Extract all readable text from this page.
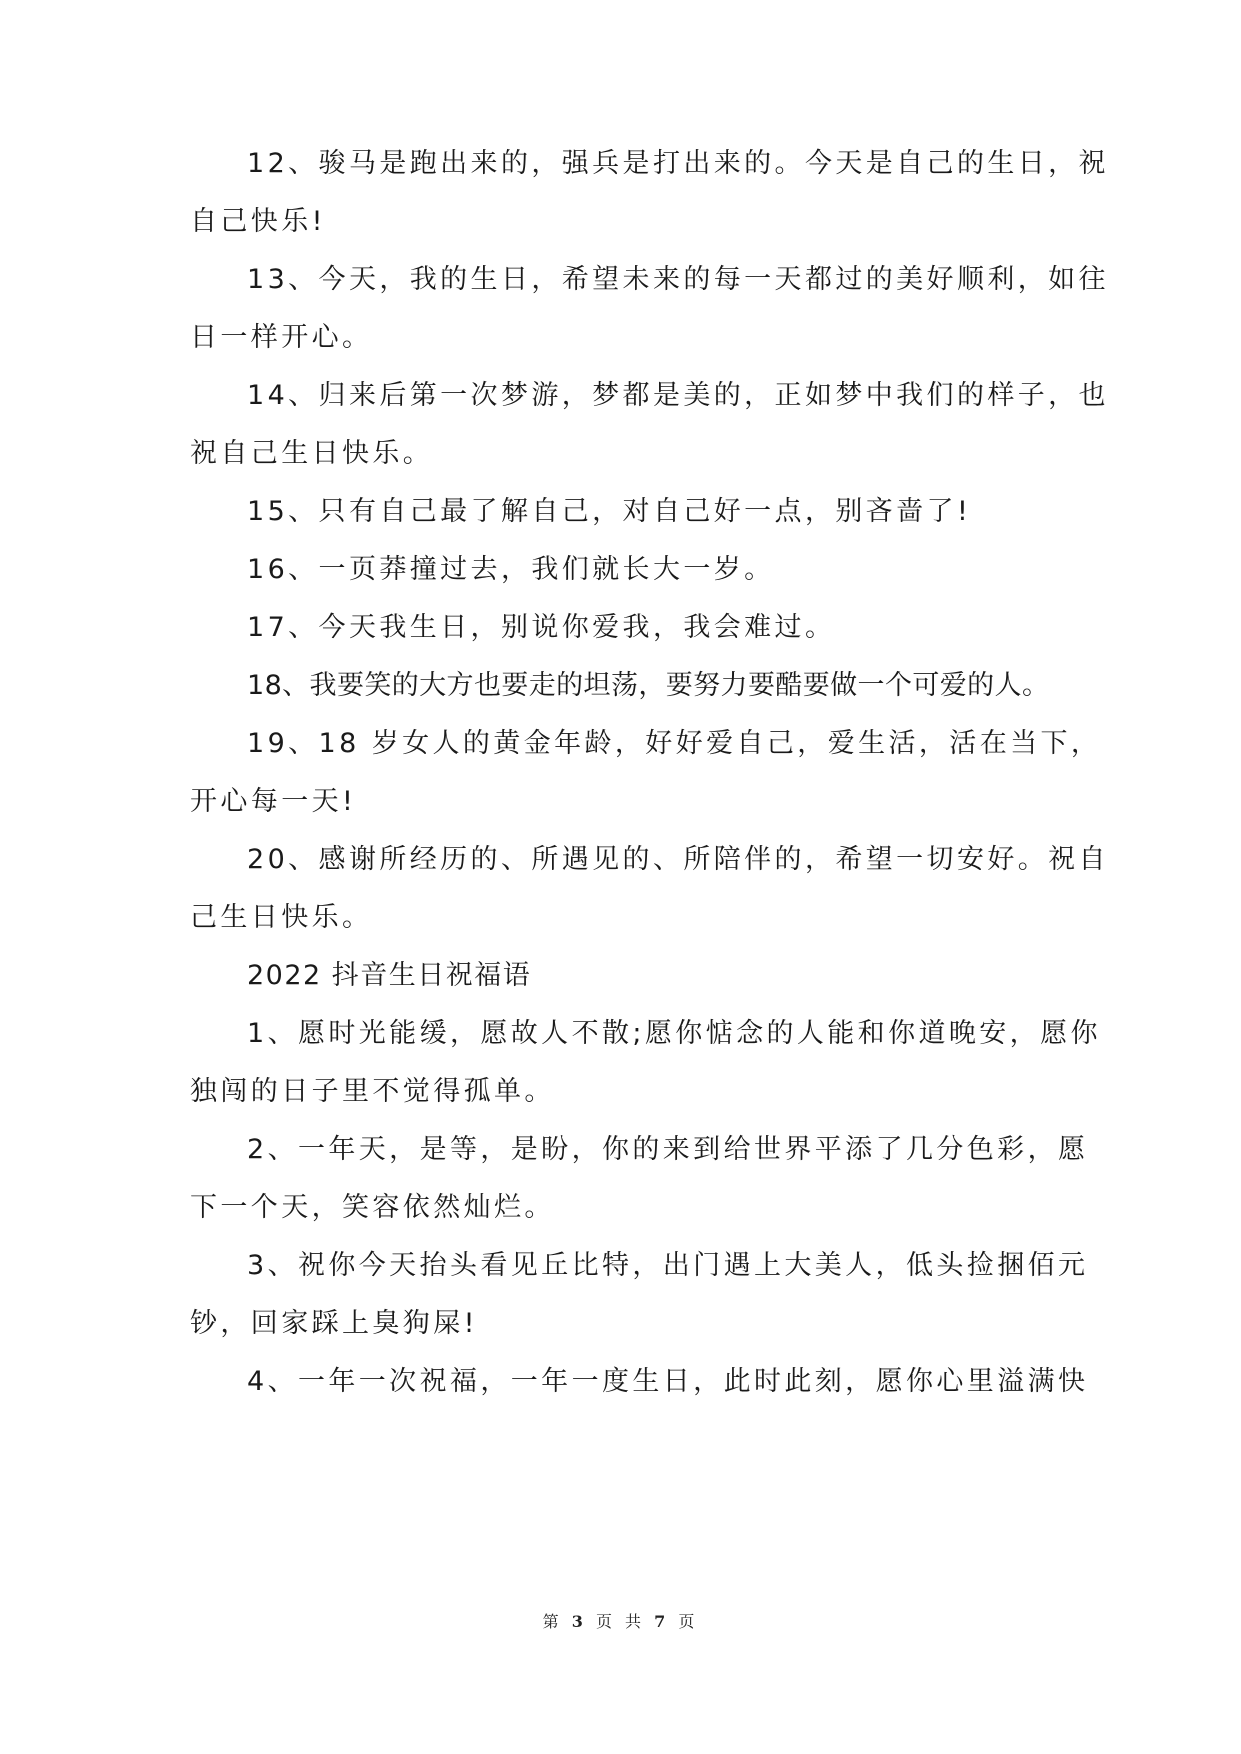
12、骏马是跑出来的，强兵是打出来的。今天是自己的生日，祝
自己快乐!
13、今天，我的生日，希望未来的每一天都过的美好顺利，如往
日一样开心。
14、归来后第一次梦游，梦都是美的，正如梦中我们的样子，也
祝自己生日快乐。
15、只有自己最了解自己，对自己好一点，别吝啬了!
16、一页莽撞过去，我们就长大一岁。
17、今天我生日，别说你爱我，我会难过。
18、我要笑的大方也要走的坦荡，要努力要酷要做一个可爱的人。
19、18 岁女人的黄金年龄，好好爱自己，爱生活，活在当下，
开心每一天!
20、感谢所经历的、所遇见的、所陪伴的，希望一切安好。祝自
己生日快乐。
2022 抖音生日祝福语
1、愿时光能缓，愿故人不散;愿你惦念的人能和你道晚安，愿你
独闯的日子里不觉得孤单。
2、一年天，是等，是盼，你的来到给世界平添了几分色彩，愿
下一个天，笑容依然灿烂。
3、祝你今天抬头看见丘比特，出门遇上大美人，低头捡捆佰元
钞，回家踩上臭狗屎!
4、一年一次祝福，一年一度生日，此时此刻，愿你心里溢满快
第 3 页 共 7 页
